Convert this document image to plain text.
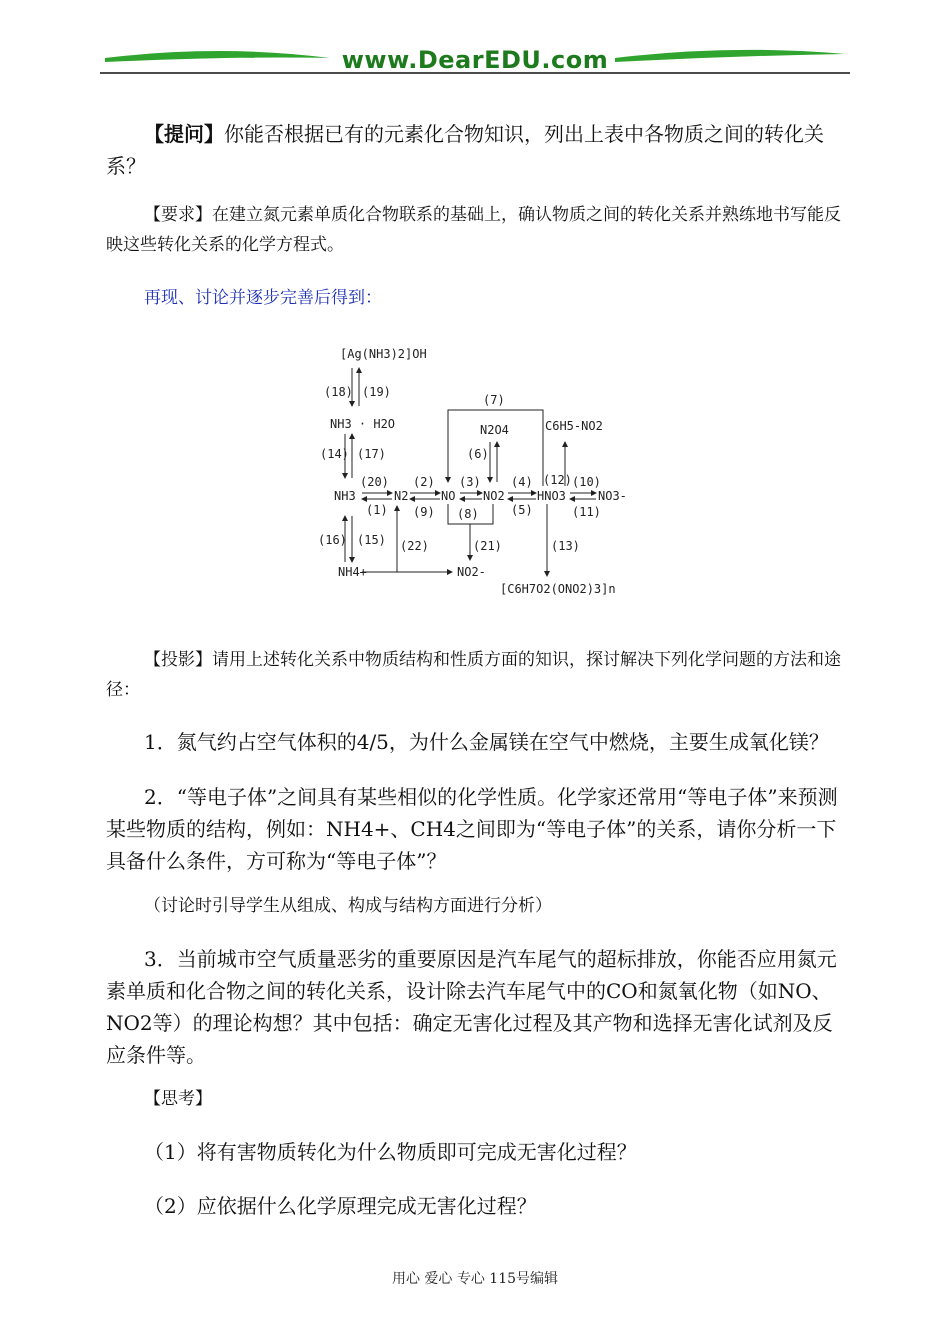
www.DearEDU.com
【提问】你能否根据已有的元素化合物知识，列出上表中各物质之间的转化关系？
【要求】在建立氮元素单质化合物联系的基础上，确认物质之间的转化关系并熟练地书写能反映这些转化关系的化学方程式。
再现、讨论并逐步完善后得到：
[Ag(NH3)2]OH
NH3 · H2O
NH3	N2	NO NO2	HNO3	NO3-
N2O4	C6H5-NO2
NH4+	NO2-
[C6H7O2(ONO2)3]n
(1)
(2) (3)	(4)
(5)
(6)
(7)
(8)
(9)
(10)
(11)
(12)
(13)
(14)
(15)
(16)
(17)
(18) (19)
(20)
(21)
(22)
【投影】请用上述转化关系中物质结构和性质方面的知识，探讨解决下列化学问题的方法和途径：
1．氮气约占空气体积的4/5，为什么金属镁在空气中燃烧，主要生成氧化镁？
2．“等电子体”之间具有某些相似的化学性质。化学家还常用“等电子体”来预测某些物质的结构，例如：NH4+、CH4之间即为“等电子体”的关系，请你分析一下具备什么条件，方可称为“等电子体”？
（讨论时引导学生从组成、构成与结构方面进行分析）
3．当前城市空气质量恶劣的重要原因是汽车尾气的超标排放，你能否应用氮元素单质和化合物之间的转化关系，设计除去汽车尾气中的CO和氮氧化物（如NO、NO2等）的理论构想？其中包括：确定无害化过程及其产物和选择无害化试剂及反应条件等。
【思考】
（1）将有害物质转化为什么物质即可完成无害化过程？
（2）应依据什么化学原理完成无害化过程？
用心 爱心 专心 115号编辑
